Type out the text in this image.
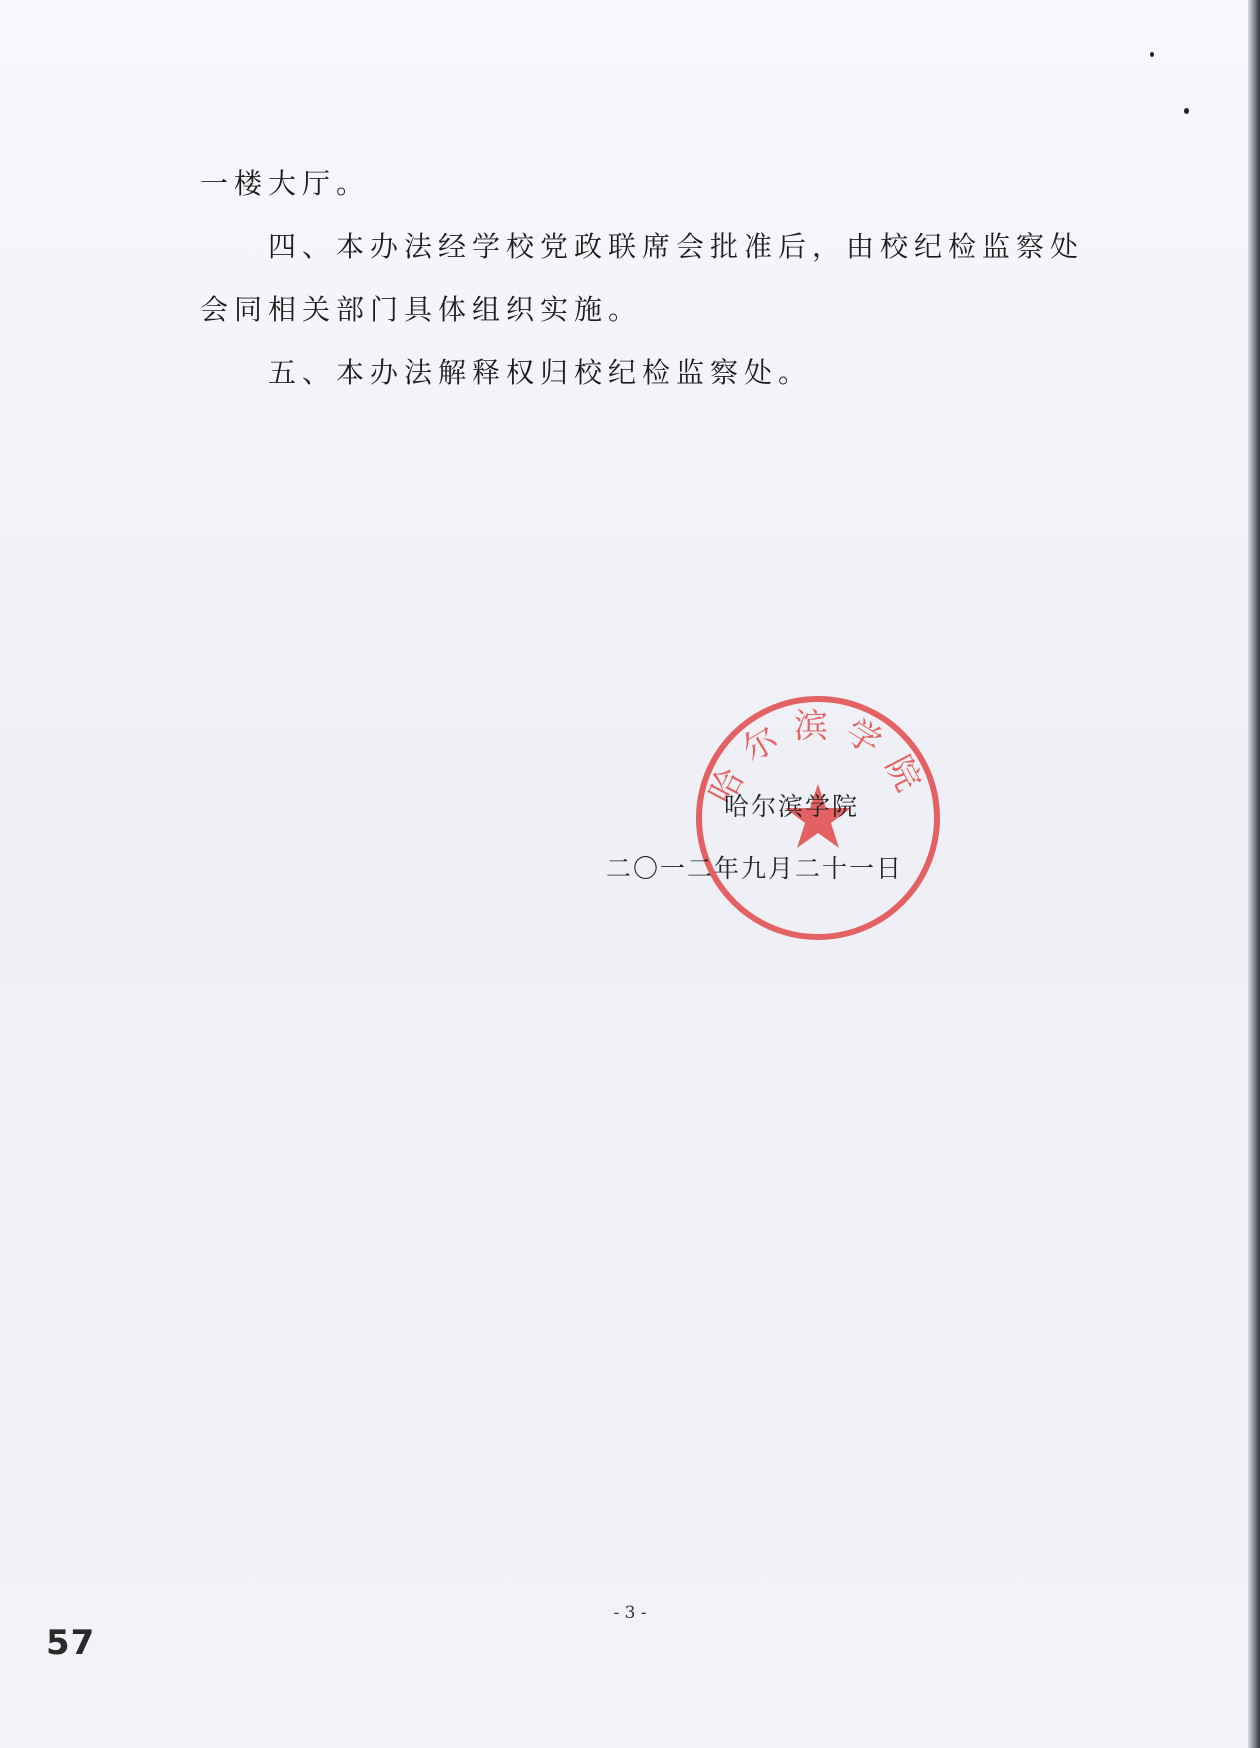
一楼大厅。
四、本办法经学校党政联席会批准后，由校纪检监察处
会同相关部门具体组织实施。
五、本办法解释权归校纪检监察处。
哈尔滨学院
哈尔滨学院
二〇一二年九月二十一日
- 3 -
57
